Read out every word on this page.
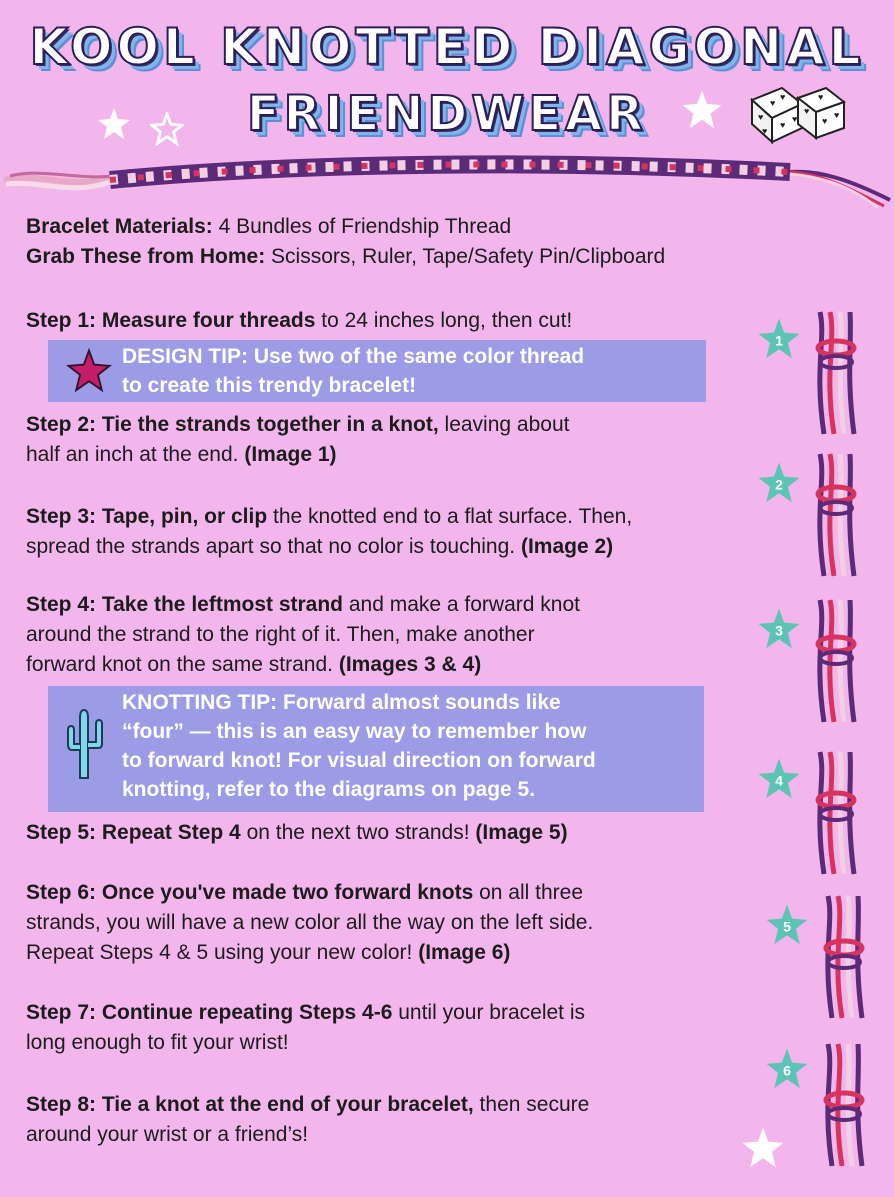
KOOL KNOTTED DIAGONAL
FRIENDWEAR	♥
♥
♥
♥
♥
♥
♥
♥
♥
♥
Bracelet Materials: 4 Bundles of Friendship Thread
Grab These from Home: Scissors, Ruler, Tape/Safety Pin/Clipboard
Step 1: Measure four threads to 24 inches long, then cut!
DESIGN TIP: Use two of the same color thread
to create this trendy bracelet!
Step 2: Tie the strands together in a knot, leaving about
half an inch at the end. (Image 1)
Step 3: Tape, pin, or clip the knotted end to a flat surface. Then,
spread the strands apart so that no color is touching. (Image 2)
Step 4: Take the leftmost strand and make a forward knot
around the strand to the right of it. Then, make another
forward knot on the same strand. (Images 3 & 4)
KNOTTING TIP: Forward almost sounds like
“four” — this is an easy way to remember how
to forward knot! For visual direction on forward
knotting, refer to the diagrams on page 5.
Step 5: Repeat Step 4 on the next two strands! (Image 5)
Step 6: Once you've made two forward knots on all three
strands, you will have a new color all the way on the left side.
Repeat Steps 4 & 5 using your new color! (Image 6)
Step 7: Continue repeating Steps 4-6 until your bracelet is
long enough to fit your wrist!
Step 8: Tie a knot at the end of your bracelet, then secure
around your wrist or a friend’s!
1
2
3
4
5
6
